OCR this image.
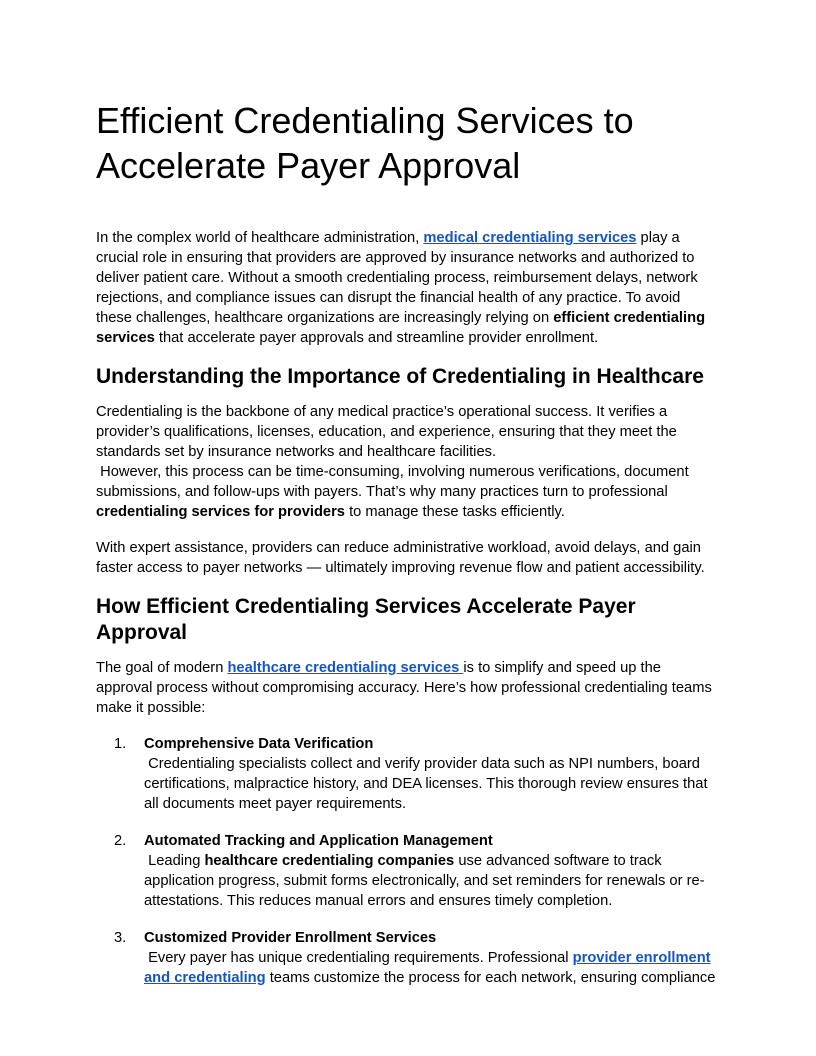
Efficient Credentialing Services to
Accelerate Payer Approval

In the complex world of healthcare administration, medical credentialing services play a crucial role in ensuring that providers are approved by insurance networks and authorized to deliver patient care. Without a smooth credentialing process, reimbursement delays, network rejections, and compliance issues can disrupt the financial health of any practice. To avoid these challenges, healthcare organizations are increasingly relying on efficient credentialing services that accelerate payer approvals and streamline provider enrollment.

Understanding the Importance of Credentialing in Healthcare

Credentialing is the backbone of any medical practice’s operational success. It verifies a provider’s qualifications, licenses, education, and experience, ensuring that they meet the standards set by insurance networks and healthcare facilities.
However, this process can be time-consuming, involving numerous verifications, document submissions, and follow-ups with payers. That’s why many practices turn to professional credentialing services for providers to manage these tasks efficiently.

With expert assistance, providers can reduce administrative workload, avoid delays, and gain faster access to payer networks — ultimately improving revenue flow and patient accessibility.

How Efficient Credentialing Services Accelerate Payer Approval

The goal of modern healthcare credentialing services is to simplify and speed up the approval process without compromising accuracy. Here’s how professional credentialing teams make it possible:

1. Comprehensive Data Verification
Credentialing specialists collect and verify provider data such as NPI numbers, board certifications, malpractice history, and DEA licenses. This thorough review ensures that all documents meet payer requirements.
2. Automated Tracking and Application Management
Leading healthcare credentialing companies use advanced software to track application progress, submit forms electronically, and set reminders for renewals or re-attestations. This reduces manual errors and ensures timely completion.
3. Customized Provider Enrollment Services
Every payer has unique credentialing requirements. Professional provider enrollment and credentialing teams customize the process for each network, ensuring compliance
